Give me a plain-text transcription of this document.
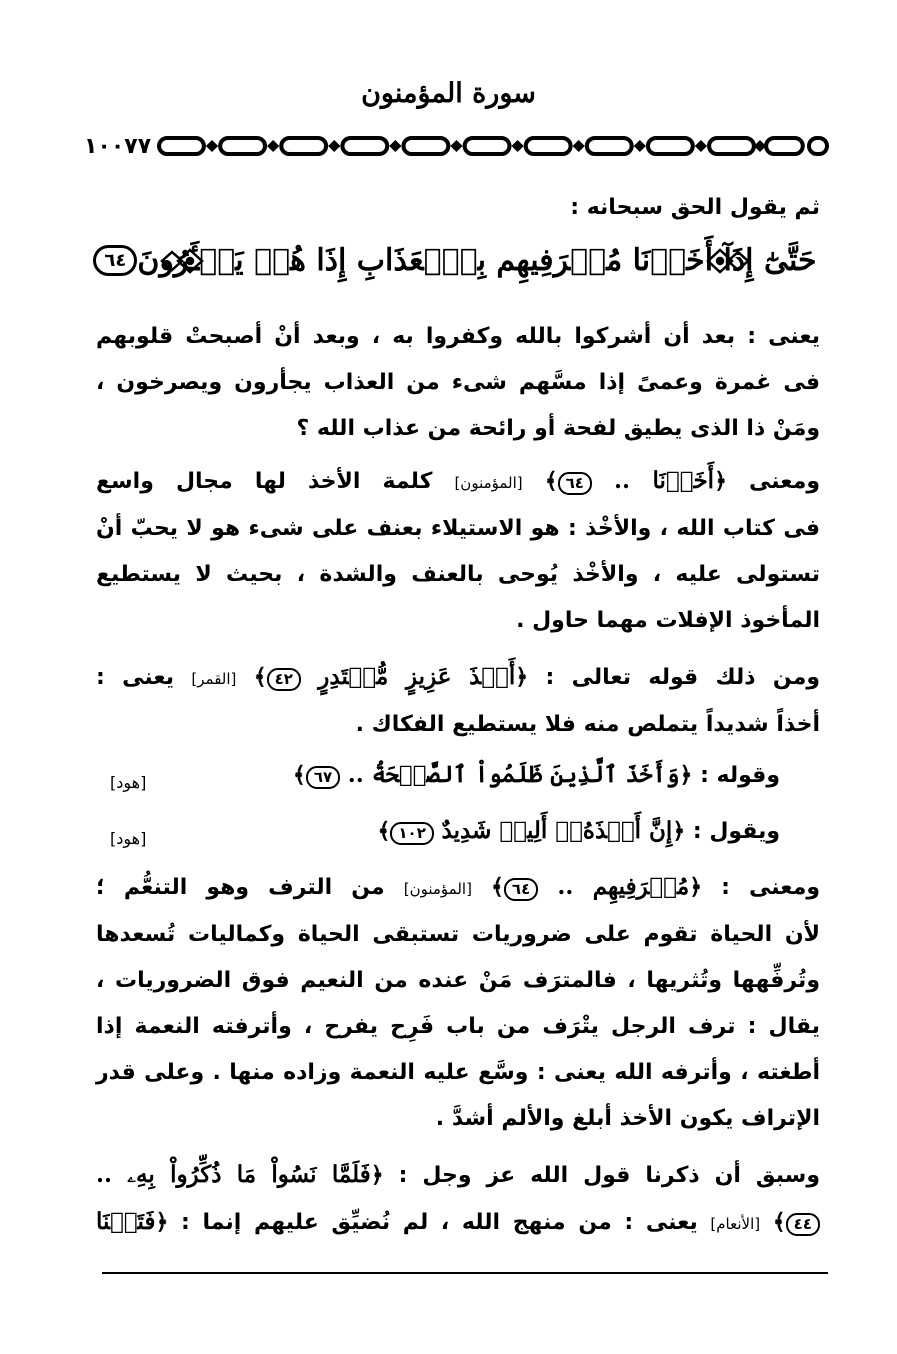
سورة المؤمنون
١٠٠٧٧
ثم يقول الحق سبحانه :
حَتَّىٰٓ إِذَآ أَخَذۡنَا مُتۡرَفِيهِم بِٱلۡعَذَابِ إِذَا هُمۡ يَجۡـَٔرُونَ
٦٤
يعنى : بعد أن أشركوا بالله وكفروا به ، وبعد أنْ أصبحتْ قلوبهم
فى غمرة وعمىً إذا مسَّهم شىء من العذاب يجأرون ويصرخون ،
ومَنْ ذا الذى يطيق لفحة أو رائحة من عذاب الله ؟
ومعنى ﴿أَخَذۡنَا .. ٦٤﴾ [المؤمنون] كلمة الأخذ لها مجال واسع
فى كتاب الله ، والأخْذ : هو الاستيلاء بعنف على شىء هو لا يحبّ أنْ
تستولى عليه ، والأخْذ يُوحى بالعنف والشدة ، بحيث لا يستطيع
المأخوذ الإفلات مهما حاول .
ومن ذلك قوله تعالى : ﴿أَخۡذَ عَزِيزٍ مُّقۡتَدِرٍ ٤٢﴾ [القمر] يعنى :
أخذاً شديداً يتملص منه فلا يستطيع الفكاك .
وقوله : ﴿وَأَخَذَ ٱلَّذِينَ ظَلَمُواْ ٱلصَّيۡحَةُ .. ٦٧﴾
[هود]
ويقول : ﴿إِنَّ أَخۡذَهُۥٓ أَلِيمٞ شَدِيدٌ ١٠٢﴾
[هود]
ومعنى : ﴿مُتۡرَفِيهِم .. ٦٤﴾ [المؤمنون] من الترف وهو التنعُّم ؛
لأن الحياة تقوم على ضروريات تستبقى الحياة وكماليات تُسعدها
وتُرفِّهها وتُثريها ، فالمترَف مَنْ عنده من النعيم فوق الضروريات ،
يقال : ترف الرجل يتْرَف من باب فَرِح يفرح ، وأترفته النعمة إذا
أطغته ، وأترفه الله يعنى : وسَّع عليه النعمة وزاده منها . وعلى قدر
الإتراف يكون الأخذ أبلغ والألم أشدَّ .
وسبق أن ذكرنا قول الله عز وجل : ﴿فَلَمَّا نَسُواْ مَا ذُكِّرُواْ بِهِۦ ..
٤٤﴾ [الأنعام] يعنى : من منهج الله ، لم نُضيِّق عليهم إنما : ﴿فَتَحۡنَا
